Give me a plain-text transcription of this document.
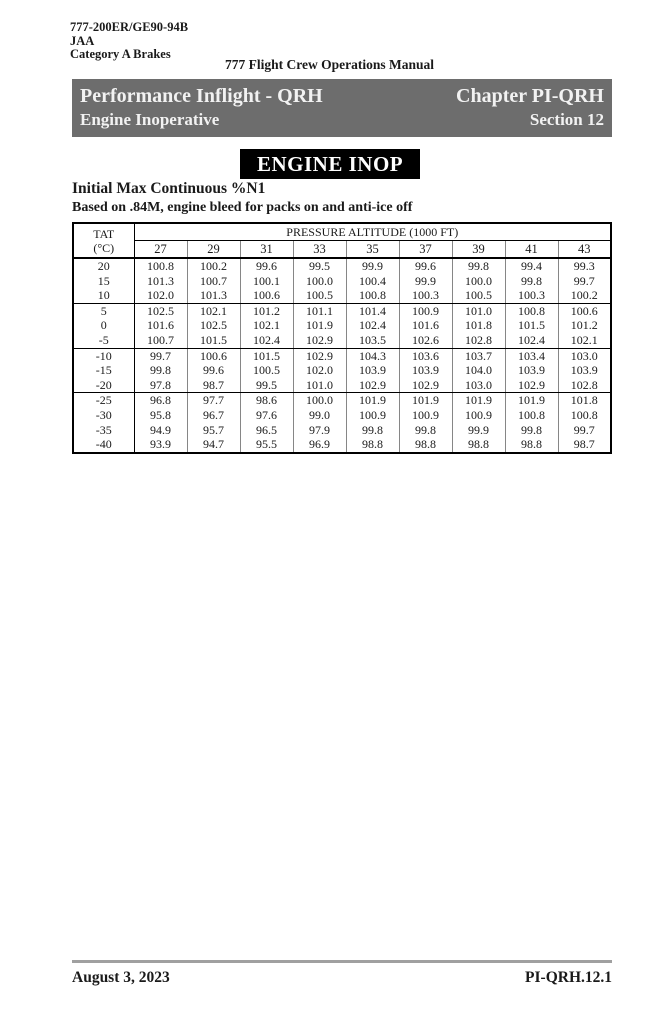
777-200ER/GE90-94B
JAA
Category A Brakes
777 Flight Crew Operations Manual
Performance Inflight - QRH	Chapter PI-QRH
Engine Inoperative	Section 12
ENGINE INOP
Initial Max Continuous %N1
Based on .84M, engine bleed for packs on and anti-ice off
TAT
(°C)	PRESSURE ALTITUDE (1000 FT)								
	27	29	31	33	35	37	39	41	43
20	100.8	100.2	99.6	99.5	99.9	99.6	99.8	99.4	99.3
15	101.3	100.7	100.1	100.0	100.4	99.9	100.0	99.8	99.7
10	102.0	101.3	100.6	100.5	100.8	100.3	100.5	100.3	100.2
5	102.5	102.1	101.2	101.1	101.4	100.9	101.0	100.8	100.6
0	101.6	102.5	102.1	101.9	102.4	101.6	101.8	101.5	101.2
-5	100.7	101.5	102.4	102.9	103.5	102.6	102.8	102.4	102.1
-10	99.7	100.6	101.5	102.9	104.3	103.6	103.7	103.4	103.0
-15	99.8	99.6	100.5	102.0	103.9	103.9	104.0	103.9	103.9
-20	97.8	98.7	99.5	101.0	102.9	102.9	103.0	102.9	102.8
-25	96.8	97.7	98.6	100.0	101.9	101.9	101.9	101.9	101.8
-30	95.8	96.7	97.6	99.0	100.9	100.9	100.9	100.8	100.8
-35	94.9	95.7	96.5	97.9	99.8	99.8	99.9	99.8	99.7
-40	93.9	94.7	95.5	96.9	98.8	98.8	98.8	98.8	98.7
August 3, 2023	PI-QRH.12.1
